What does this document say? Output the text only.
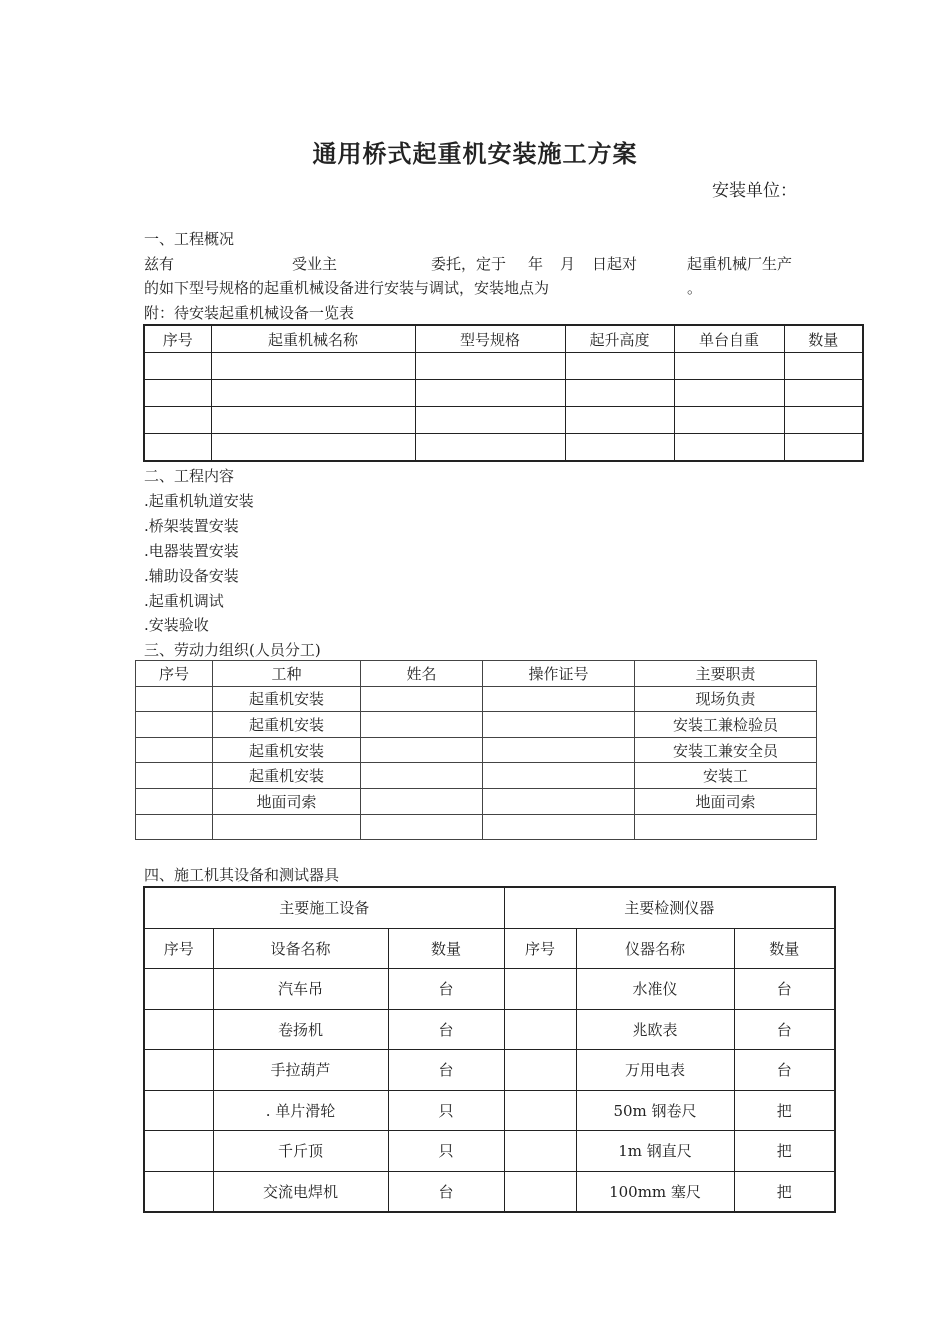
通用桥式起重机安装施工方案
安装单位：
一、工程概况
兹有	受业主	委托，定于 年 月 日起对	起重机械厂生产
的如下型号规格的起重机械设备进行安装与调试，安装地点为	。
附：待安装起重机械设备一览表
序号	起重机械名称	型号规格	起升高度	单台自重	数量

二、工程内容
.起重机轨道安装
.桥架装置安装
.电器装置安装
.辅助设备安装
.起重机调试
.安装验收
三、劳动力组织(人员分工)
序号	工种	姓名	操作证号	主要职责
	起重机安装			现场负责
	起重机安装			安装工兼检验员
	起重机安装			安装工兼安全员
	起重机安装			安装工
	地面司索			地面司索

四、施工机其设备和测试器具
主要施工设备			主要检测仪器		
序号	设备名称	数量	序号	仪器名称	数量
	汽车吊	台		水准仪	台
	卷扬机	台		兆欧表	台
	手拉葫芦	台		万用电表	台
	. 单片滑轮	只		50m 钢卷尺	把
	千斤顶	只		1m 钢直尺	把
	交流电焊机	台		100mm 塞尺	把
